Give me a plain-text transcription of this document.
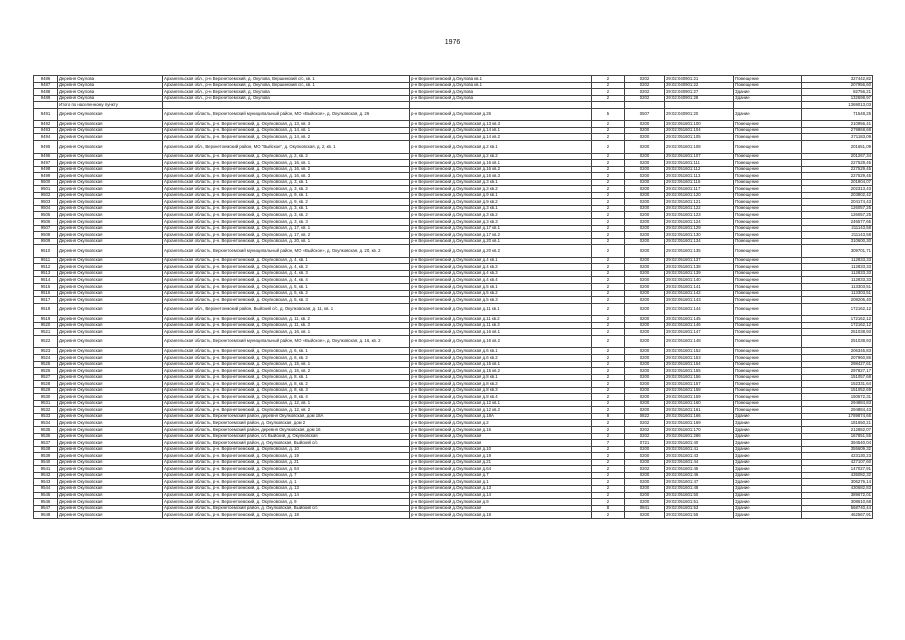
1976
9486	Деревня Окулова	Архангельская обл., р-н Верхнетоемский, д. Окулова, Вершинский с/с, кв. 1	р-н Верхнетоемский д.Окулова кв.1	2	0202	29:02:040901:21	Помещение	327442,82
9487	Деревня Окулова	Архангельская обл., р-н Верхнетоемский, д. Окулова, Вершинский с/с, кв. 1	р-н Верхнетоемский д.Окулова кв.1	2	0202	29:02:040901:22	Помещение	207956,60
9488	Деревня Окулова	Архангельская обл., р-н Верхнетоемский, д. Окулова	р-н Верхнетоемский д.Окулова	2	0202	29:02:040901:27	Здание	82756,21
9489	Деревня Окулова	Архангельская обл., р-н Верхнетоемский, д. Окулова	р-н Верхнетоемский д.Окулова	2	0202	29:02:040901:28	Здание	132698,97
	Итого по населенному пункту							1369013,03
9491	Деревня Окулковская	Архангельская область, Верхнетоемский муниципальный район, МО «Выйское», д. Окулковская, д. 26	р-н Верхнетоемский д.Окулковская д.26	5	0507	29:02:040901:20	Здание	71548,25
9492	Деревня Окулковская	Архангельская область, р-н. Верхнетоемский, д. Окулковская, д. 13, кв. 3	р-н Верхнетоемский д.Окулковская д.13 кв.3	2	0200	29:02:051601:100	Помещение	210956,41
9493	Деревня Окулковская	Архангельская область, р-н. Верхнетоемский, д. Окулковская, д. 14, кв. 1	р-н Верхнетоемский д.Окулковская д.14 кв.1	2	0200	29:02:051601:104	Помещение	279868,68
9494	Деревня Окулковская	Архангельская область, р-н. Верхнетоемский, д. Окулковская, д. 14, кв. 2	р-н Верхнетоемский д.Окулковская д.14 кв.2	2	0200	29:02:051601:105	Помещение	271183,09
9495	Деревня Окулковская	Архангельская обл., Верхнетоемский район, МО "Выйское", д. Окулковская, д. 2, кв. 1	р-н Верхнетоемский д.Окулковская д.2 кв.1	2	0200	29:02:051601:108	Помещение	201651,09
9496	Деревня Окулковская	Архангельская область, р-н. Верхнетоемский, д. Окулковская, д. 2, кв. 2	р-н Верхнетоемский д.Окулковская д.2 кв.2	2	0200	29:02:051601:107	Помещение	201267,34
9497	Деревня Окулковская	Архангельская область, р-н. Верхнетоемский, д. Окулковская, д. 16, кв. 1	р-н Верхнетоемский д.Окулковская д.16 кв.1	2	0200	29:02:051601:111	Помещение	227529,45
9498	Деревня Окулковская	Архангельская область, р-н. Верхнетоемский, д. Окулковская, д. 16, кв. 2	р-н Верхнетоемский д.Окулковская д.16 кв.2	2	0200	29:02:051601:112	Помещение	227529,45
9499	Деревня Окулковская	Архангельская область, р-н. Верхнетоемский, д. Окулковская, д. 16, кв. 3	р-н Верхнетоемский д.Окулковская д.16 кв.3	2	0200	29:02:051601:113	Помещение	227529,45
9500	Деревня Окулковская	Архангельская область, р-н. Верхнетоемский, д. Окулковская, д. 3, кв. 1	р-н Верхнетоемский д.Окулковская д.3 кв.1	2	0200	29:02:051601:116	Помещение	201904,07
9501	Деревня Окулковская	Архангельская область, р-н. Верхнетоемский, д. Окулковская, д. 3, кв. 2	р-н Верхнетоемский д.Окулковская д.3 кв.2	2	0200	29:02:051601:117	Помещение	202313,43
9502	Деревня Окулковская	Архангельская область, р-н. Верхнетоемский, д. Окулковская, д. 9, кв. 1	р-н Верхнетоемский д.Окулковская д.9 кв.1	2	0200	29:02:051601:120	Помещение	203802,42
9503	Деревня Окулковская	Архангельская область, р-н. Верхнетоемский, д. Окулковская, д. 9, кв. 2	р-н Верхнетоемский д.Окулковская д.9 кв.2	2	0200	29:02:051601:121	Помещение	204174,43
9504	Деревня Окулковская	Архангельская область, р-н. Верхнетоемский, д. Окулковская, д. 3, кв. 1	р-н Верхнетоемский д.Окулковская д.3 кв.1	2	0200	29:02:051601:122	Помещение	126057,25
9505	Деревня Окулковская	Архангельская область, р-н. Верхнетоемский, д. Окулковская, д. 3, кв. 2	р-н Верхнетоемский д.Окулковская д.3 кв.2	2	0200	29:02:051601:123	Помещение	126057,25
9506	Деревня Окулковская	Архангельская область, р-н. Верхнетоемский, д. Окулковская, д. 3, кв. 3	р-н Верхнетоемский д.Окулковская д.3 кв.3	2	0200	29:02:051601:124	Помещение	246577,65
9507	Деревня Окулковская	Архангельская область, р-н. Верхнетоемский, д. Окулковская, д. 17, кв. 1	р-н Верхнетоемский д.Окулковская д.17 кв.1	2	0200	29:02:051601:129	Помещение	211143,58
9508	Деревня Окулковская	Архангельская область, р-н. Верхнетоемский, д. Окулковская, д. 17, кв. 2	р-н Верхнетоемский д.Окулковская д.17 кв.2	2	0200	29:02:051601:130	Помещение	211143,58
9509	Деревня Окулковская	Архангельская область, р-н. Верхнетоемский, д. Окулковская, д. 20, кв. 1	р-н Верхнетоемский д.Окулковская д.20 кв.1	2	0200	29:02:051601:134	Помещение	310600,30
9510	Деревня Окулковская	Архангельская область, Верхнетоемский муниципальный район, МО «Выйское», д. Окулковская, д. 20, кв. 2	р-н Верхнетоемский д.Окулковская д.20 кв.2	2	0200	29:02:051601:135	Помещение	309701,71
9511	Деревня Окулковская	Архангельская область, р-н. Верхнетоемский, д. Окулковская, д. 4, кв. 1	р-н Верхнетоемский д.Окулковская д.4 кв.1	2	0200	29:02:051601:137	Помещение	112833,33
9512	Деревня Окулковская	Архангельская область, р-н. Верхнетоемский, д. Окулковская, д. 4, кв. 2	р-н Верхнетоемский д.Окулковская д.4 кв.2	2	0200	29:02:051601:138	Помещение	112833,33
9513	Деревня Окулковская	Архангельская область, р-н. Верхнетоемский, д. Окулковская, д. 4, кв. 3	р-н Верхнетоемский д.Окулковская д.4 кв.3	2	0200	29:02:051601:139	Помещение	112833,33
9514	Деревня Окулковская	Архангельская область, р-н. Верхнетоемский, д. Окулковская, д. 4, кв. 4	р-н Верхнетоемский д.Окулковская д.4 кв.4	2	0200	29:02:051601:140	Помещение	112833,33
9515	Деревня Окулковская	Архангельская область, р-н. Верхнетоемский, д. Окулковская, д. 5, кв. 1	р-н Верхнетоемский д.Окулковская д.5 кв.1	2	0200	29:02:051601:141	Помещение	113303,51
9516	Деревня Окулковская	Архангельская область, р-н. Верхнетоемский, д. Окулковская, д. 5, кв. 2	р-н Верхнетоемский д.Окулковская д.5 кв.2	2	0200	29:02:051601:142	Помещение	113303,51
9517	Деревня Окулковская	Архангельская область, р-н. Верхнетоемский, д. Окулковская, д. 5, кв. 3	р-н Верхнетоемский д.Окулковская д.5 кв.3	2	0200	29:02:051601:143	Помещение	208206,40
9518	Деревня Окулковская	Архангельская обл., Верхнетоемский район, Выйский с/с, д. Окулковская, д. 11, кв. 1	р-н Верхнетоемский д.Окулковская д.11 кв.1	2	0200	29:02:051601:144	Помещение	172162,12
9519	Деревня Окулковская	Архангельская область, р-н. Верхнетоемский, д. Окулковская, д. 11, кв. 2	р-н Верхнетоемский д.Окулковская д.11 кв.2	2	0200	29:02:051601:145	Помещение	172162,12
9520	Деревня Окулковская	Архангельская область, р-н. Верхнетоемский, д. Окулковская, д. 11, кв. 3	р-н Верхнетоемский д.Окулковская д.11 кв.3	2	0200	29:02:051601:146	Помещение	172162,12
9521	Деревня Окулковская	Архангельская область, р-н. Верхнетоемский, д. Окулковская, д. 16, кв. 1	р-н Верхнетоемский д.Окулковская д.16 кв.1	2	0200	29:02:051601:147	Помещение	251038,93
9522	Деревня Окулковская	Архангельская область, Верхнетоемский муниципальный район, МО «Выйское», д. Окулковская, д. 16, кв. 2	р-н Верхнетоемский д.Окулковская д.16 кв.2	2	0200	29:02:051601:148	Помещение	251038,93
9523	Деревня Окулковская	Архангельская область, р-н. Верхнетоемский, д. Окулковская, д. 6, кв. 1	р-н Верхнетоемский д.Окулковская д.6 кв.1	2	0200	29:02:051601:152	Помещение	206345,83
9524	Деревня Окулковская	Архангельская область, р-н. Верхнетоемский, д. Окулковская, д. 6, кв. 2	р-н Верхнетоемский д.Окулковская д.6 кв.2	2	0200	29:02:051601:153	Помещение	207960,86
9525	Деревня Окулковская	Архангельская область, р-н. Верхнетоемский, д. Окулковская, д. 15, кв. 1	р-н Верхнетоемский д.Окулковская д.15 кв.1	2	0200	29:02:051601:154	Помещение	298427,61
9526	Деревня Окулковская	Архангельская область, р-н. Верхнетоемский, д. Окулковская, д. 15, кв. 2	р-н Верхнетоемский д.Окулковская д.15 кв.2	2	0200	29:02:051601:155	Помещение	297827,17
9527	Деревня Окулковская	Архангельская область, р-н. Верхнетоемский, д. Окулковская, д. 8, кв. 1	р-н Верхнетоемский д.Окулковская д.8 кв.1	2	0200	29:02:051601:156	Помещение	151057,68
9528	Деревня Окулковская	Архангельская область, р-н. Верхнетоемский, д. Окулковская, д. 8, кв. 2	р-н Верхнетоемский д.Окулковская д.8 кв.2	2	0200	29:02:051601:157	Помещение	152331,64
9529	Деревня Окулковская	Архангельская область, р-н. Верхнетоемский, д. Окулковская, д. 8, кв. 3	р-н Верхнетоемский д.Окулковская д.8 кв.3	2	0200	29:02:051601:158	Помещение	151052,69
9530	Деревня Окулковская	Архангельская область, р-н. Верхнетоемский, д. Окулковская, д. 8, кв. 4	р-н Верхнетоемский д.Окулковская д.8 кв.4	2	0200	29:02:051601:159	Помещение	150672,31
9531	Деревня Окулковская	Архангельская область, р-н. Верхнетоемский, д. Окулковская, д. 12, кв. 1	р-н Верхнетоемский д.Окулковская д.12 кв.1	2	0200	29:02:051601:160	Помещение	294884,83
9532	Деревня Окулковская	Архангельская область, р-н. Верхнетоемский, д. Окулковская, д. 12, кв. 2	р-н Верхнетоемский д.Окулковская д.12 кв.2	2	0200	29:02:051601:161	Помещение	294884,43
9533	Деревня Окулковская	Архангельская область, Верхнетоемский район, деревня Окулковская, дом 18А	р-н Верхнетоемский д.Окулковская д.18А	8	0822	29:02:051601:166	Здание	1789874,65
9534	Деревня Окулковская	Архангельская область, Верхнетоемский район, д. Окулковская, дом 2	р-н Верхнетоемский д.Окулковская д.2	2	0202	29:02:051601:169	Здание	181650,21
9535	Деревня Окулковская	Архангельская область, Верхнетоемский район, деревня Окулковская, дом 16	р-н Верхнетоемский д.Окулковская д.16	2	0202	29:02:051601:170	Здание	212852,07
9536	Деревня Окулковская	Архангельская область, Верхнетоемский район, с/с Выйский, д. Окулковская	р-н Верхнетоемский д.Окулковская	2	0202	29:02:051601:286	Здание	167851,55
9537	Деревня Окулковская	Архангельская область, Верхнетоемский район, д. Окулковская, Выйский с/с	р-н Верхнетоемский д.Окулковская	7	0721	29:02:051601:40	Здание	394540,04
9538	Деревня Окулковская	Архангельская область, р-н. Верхнетоемский, д. Окулковская, д. 10	р-н Верхнетоемский д.Окулковская д.10	2	0200	29:02:051601:41	Здание	355609,32
9539	Деревня Окулковская	Архангельская область, р-н. Верхнетоемский, д. Окулковская, д. 19	р-н Верхнетоемский д.Окулковская д.19	2	0200	29:02:051601:43	Здание	423130,23
9540	Деревня Окулковская	Архангельская область, р-н. Верхнетоемский, д. Окулковская, д. 21	р-н Верхнетоемский д.Окулковская д.21	2	0200	29:02:051601:44	Здание	427107,60
9541	Деревня Окулковская	Архангельская область, р-н. Верхнетоемский, д. Окулковская, д. 64	р-н Верхнетоемский д.Окулковская д.64	2	0202	29:02:051601:45	Здание	147027,91
9542	Деревня Окулковская	Архангельская область, р-н. Верхнетоемский, д. Окулковская, д. 7	р-н Верхнетоемский д.Окулковская д.7	2	0200	29:02:051601:46	Здание	435082,32
9543	Деревня Окулковская	Архангельская область, р-н. Верхнетоемский, д. Окулковская, д. 1	р-н Верхнетоемский д.Окулковская д.1	2	0200	29:02:051601:47	Здание	306276,14
9544	Деревня Окулковская	Архангельская область, р-н. Верхнетоемский, д. Окулковская, д. 13	р-н Верхнетоемский д.Окулковская д.13	2	0200	29:02:051601:48	Здание	430682,83
9545	Деревня Окулковская	Архангельская область, р-н. Верхнетоемский, д. Окулковская, д. 14	р-н Верхнетоемский д.Окулковская д.14	2	0200	29:02:051601:50	Здание	389672,01
9546	Деревня Окулковская	Архангельская область, р-н. Верхнетоемский, д. Окулковская, д. 9	р-н Верхнетоемский д.Окулковская д.9	2	0200	29:02:051601:51	Здание	308610,68
9547	Деревня Окулковская	Архангельская область, Верхнетоемский район, д. Окулковская, Выйский с/с	р-н Верхнетоемский д.Окулковская	8	0841	29:02:051601:53	Здание	568740,44
9548	Деревня Окулковская	Архангельская область, р-н. Верхнетоемский, д. Окулковская, д. 18	р-н Верхнетоемский д.Окулковская д.18	2	0200	29:02:051601:55	Здание	462567,91
